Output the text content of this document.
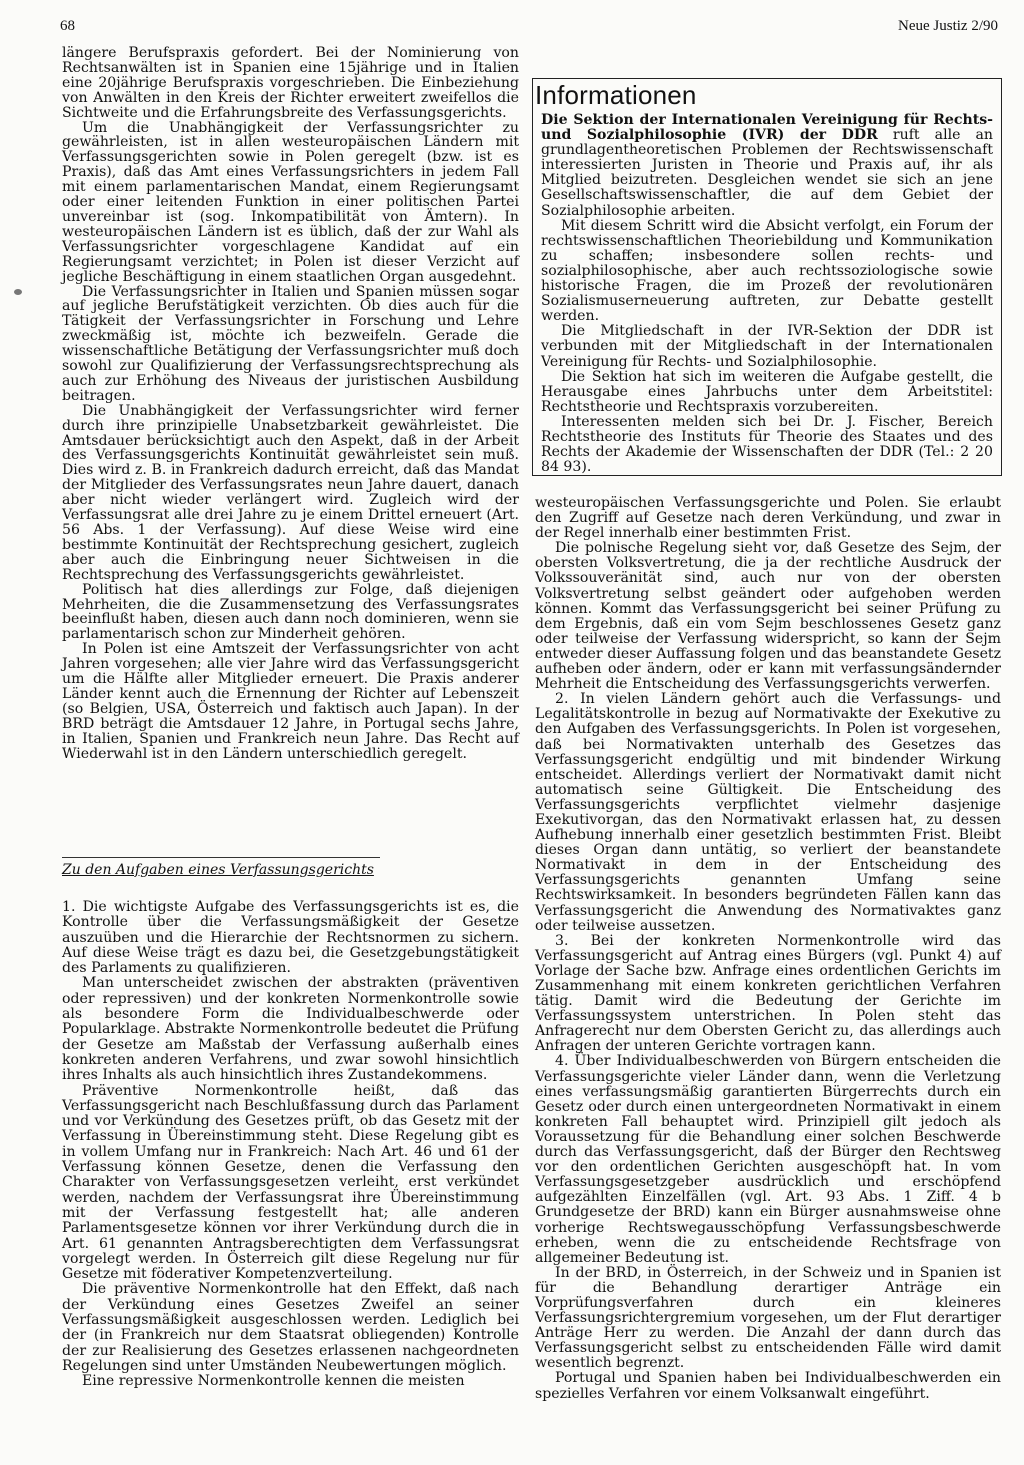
68	Neue Justiz 2/90

längere Berufspraxis gefordert. Bei der Nominierung von Rechtsanwälten ist in Spanien eine 15jährige und in Italien eine 20jährige Berufspraxis vorgeschrieben. Die Einbeziehung von Anwälten in den Kreis der Richter erweitert zweifellos die Sichtweite und die Erfahrungsbreite des Verfassungsgerichts.

Um die Unabhängigkeit der Verfassungsrichter zu gewährleisten, ist in allen westeuropäischen Ländern mit Verfassungsgerichten sowie in Polen geregelt (bzw. ist es Praxis), daß das Amt eines Verfassungsrichters in jedem Fall mit einem parlamentarischen Mandat, einem Regierungsamt oder einer leitenden Funktion in einer politischen Partei unvereinbar ist (sog. Inkompatibilität von Ämtern). In westeuropäischen Ländern ist es üblich, daß der zur Wahl als Verfassungsrichter vorgeschlagene Kandidat auf ein Regierungsamt verzichtet; in Polen ist dieser Verzicht auf jegliche Beschäftigung in einem staatlichen Organ ausgedehnt.

Die Verfassungsrichter in Italien und Spanien müssen sogar auf jegliche Berufstätigkeit verzichten. Ob dies auch für die Tätigkeit der Verfassungsrichter in Forschung und Lehre zweckmäßig ist, möchte ich bezweifeln. Gerade die wissenschaftliche Betätigung der Verfassungsrichter muß doch sowohl zur Qualifizierung der Verfassungsrechtsprechung als auch zur Erhöhung des Niveaus der juristischen Ausbildung beitragen.

Die Unabhängigkeit der Verfassungsrichter wird ferner durch ihre prinzipielle Unabsetzbarkeit gewährleistet. Die Amtsdauer berücksichtigt auch den Aspekt, daß in der Arbeit des Verfassungsgerichts Kontinuität gewährleistet sein muß. Dies wird z. B. in Frankreich dadurch erreicht, daß das Mandat der Mitglieder des Verfassungsrates neun Jahre dauert, danach aber nicht wieder verlängert wird. Zugleich wird der Verfassungsrat alle drei Jahre zu je einem Drittel erneuert (Art. 56 Abs. 1 der Verfassung). Auf diese Weise wird eine bestimmte Kontinuität der Rechtsprechung gesichert, zugleich aber auch die Einbringung neuer Sichtweisen in die Rechtsprechung des Verfassungsgerichts gewährleistet.

Politisch hat dies allerdings zur Folge, daß diejenigen Mehrheiten, die die Zusammensetzung des Verfassungsrates beeinflußt haben, diesen auch dann noch dominieren, wenn sie parlamentarisch schon zur Minderheit gehören.

In Polen ist eine Amtszeit der Verfassungsrichter von acht Jahren vorgesehen; alle vier Jahre wird das Verfassungsgericht um die Hälfte aller Mitglieder erneuert. Die Praxis anderer Länder kennt auch die Ernennung der Richter auf Lebenszeit (so Belgien, USA, Österreich und faktisch auch Japan). In der BRD beträgt die Amtsdauer 12 Jahre, in Portugal sechs Jahre, in Italien, Spanien und Frankreich neun Jahre. Das Recht auf Wiederwahl ist in den Ländern unterschiedlich geregelt.

Zu den Aufgaben eines Verfassungsgerichts

1. Die wichtigste Aufgabe des Verfassungsgerichts ist es, die Kontrolle über die Verfassungsmäßigkeit der Gesetze auszuüben und die Hierarchie der Rechtsnormen zu sichern. Auf diese Weise trägt es dazu bei, die Gesetzgebungstätigkeit des Parlaments zu qualifizieren.

Man unterscheidet zwischen der abstrakten (präventiven oder repressiven) und der konkreten Normenkontrolle sowie als besondere Form die Individualbeschwerde oder Popularklage. Abstrakte Normenkontrolle bedeutet die Prüfung der Gesetze am Maßstab der Verfassung außerhalb eines konkreten anderen Verfahrens, und zwar sowohl hinsichtlich ihres Inhalts als auch hinsichtlich ihres Zustandekommens.

Präventive Normenkontrolle heißt, daß das Verfassungsgericht nach Beschlußfassung durch das Parlament und vor Verkündung des Gesetzes prüft, ob das Gesetz mit der Verfassung in Übereinstimmung steht. Diese Regelung gibt es in vollem Umfang nur in Frankreich: Nach Art. 46 und 61 der Verfassung können Gesetze, denen die Verfassung den Charakter von Verfassungsgesetzen verleiht, erst verkündet werden, nachdem der Verfassungsrat ihre Übereinstimmung mit der Verfassung festgestellt hat; alle anderen Parlamentsgesetze können vor ihrer Verkündung durch die in Art. 61 genannten Antragsberechtigten dem Verfassungsrat vorgelegt werden. In Österreich gilt diese Regelung nur für Gesetze mit föderativer Kompetenzverteilung.

Die präventive Normenkontrolle hat den Effekt, daß nach der Verkündung eines Gesetzes Zweifel an seiner Verfassungsmäßigkeit ausgeschlossen werden. Lediglich bei der (in Frankreich nur dem Staatsrat obliegenden) Kontrolle der zur Realisierung des Gesetzes erlassenen nachgeordneten Regelungen sind unter Umständen Neubewertungen möglich.

Eine repressive Normenkontrolle kennen die meisten

Die Sektion der Internationalen Vereinigung für Rechts- und Sozialphilosophie (IVR) der DDR ruft alle an grundlagentheoretischen Problemen der Rechtswissenschaft interessierten Juristen in Theorie und Praxis auf, ihr als Mitglied beizutreten. Desgleichen wendet sie sich an jene Gesellschaftswissenschaftler, die auf dem Gebiet der Sozialphilosophie arbeiten.

Mit diesem Schritt wird die Absicht verfolgt, ein Forum der rechtswissenschaftlichen Theoriebildung und Kommunikation zu schaffen; insbesondere sollen rechts- und sozialphilosophische, aber auch rechtssoziologische sowie historische Fragen, die im Prozeß der revolutionären Sozialismuserneuerung auftreten, zur Debatte gestellt werden.

Die Mitgliedschaft in der IVR-Sektion der DDR ist verbunden mit der Mitgliedschaft in der Internationalen Vereinigung für Rechts- und Sozialphilosophie.

Die Sektion hat sich im weiteren die Aufgabe gestellt, die Herausgabe eines Jahrbuchs unter dem Arbeitstitel: Rechtstheorie und Rechtspraxis vorzubereiten.

Interessenten melden sich bei Dr. J. Fischer, Bereich Rechtstheorie des Instituts für Theorie des Staates und des Rechts der Akademie der Wissenschaften der DDR (Tel.: 2 20 84 93).

Informationen

westeuropäischen Verfassungsgerichte und Polen. Sie erlaubt den Zugriff auf Gesetze nach deren Verkündung, und zwar in der Regel innerhalb einer bestimmten Frist.

Die polnische Regelung sieht vor, daß Gesetze des Sejm, der obersten Volksvertretung, die ja der rechtliche Ausdruck der Volkssouveränität sind, auch nur von der obersten Volksvertretung selbst geändert oder aufgehoben werden können. Kommt das Verfassungsgericht bei seiner Prüfung zu dem Ergebnis, daß ein vom Sejm beschlossenes Gesetz ganz oder teilweise der Verfassung widerspricht, so kann der Sejm entweder dieser Auffassung folgen und das beanstandete Gesetz aufheben oder ändern, oder er kann mit verfassungsändernder Mehrheit die Entscheidung des Verfassungsgerichts verwerfen.

2. In vielen Ländern gehört auch die Verfassungs- und Legalitätskontrolle in bezug auf Normativakte der Exekutive zu den Aufgaben des Verfassungsgerichts. In Polen ist vorgesehen, daß bei Normativakten unterhalb des Gesetzes das Verfassungsgericht endgültig und mit bindender Wirkung entscheidet. Allerdings verliert der Normativakt damit nicht automatisch seine Gültigkeit. Die Entscheidung des Verfassungsgerichts verpflichtet vielmehr dasjenige Exekutivorgan, das den Normativakt erlassen hat, zu dessen Aufhebung innerhalb einer gesetzlich bestimmten Frist. Bleibt dieses Organ dann untätig, so verliert der beanstandete Normativakt in dem in der Entscheidung des Verfassungsgerichts genannten Umfang seine Rechtswirksamkeit. In besonders begründeten Fällen kann das Verfassungsgericht die Anwendung des Normativaktes ganz oder teilweise aussetzen.

3. Bei der konkreten Normenkontrolle wird das Verfassungsgericht auf Antrag eines Bürgers (vgl. Punkt 4) auf Vorlage der Sache bzw. Anfrage eines ordentlichen Gerichts im Zusammenhang mit einem konkreten gerichtlichen Verfahren tätig. Damit wird die Bedeutung der Gerichte im Verfassungssystem unterstrichen. In Polen steht das Anfragerecht nur dem Obersten Gericht zu, das allerdings auch Anfragen der unteren Gerichte vortragen kann.

4. Über Individualbeschwerden von Bürgern entscheiden die Verfassungsgerichte vieler Länder dann, wenn die Verletzung eines verfassungsmäßig garantierten Bürgerrechts durch ein Gesetz oder durch einen untergeordneten Normativakt in einem konkreten Fall behauptet wird. Prinzipiell gilt jedoch als Voraussetzung für die Behandlung einer solchen Beschwerde durch das Verfassungsgericht, daß der Bürger den Rechtsweg vor den ordentlichen Gerichten ausgeschöpft hat. In vom Verfassungsgesetzgeber ausdrücklich und erschöpfend aufgezählten Einzelfällen (vgl. Art. 93 Abs. 1 Ziff. 4 b Grundgesetze der BRD) kann ein Bürger ausnahmsweise ohne vorherige Rechtswegausschöpfung Verfassungsbeschwerde erheben, wenn die zu entscheidende Rechtsfrage von allgemeiner Bedeutung ist.

In der BRD, in Österreich, in der Schweiz und in Spanien ist für die Behandlung derartiger Anträge ein Vorprüfungsverfahren durch ein kleineres Verfassungsrichtergremium vorgesehen, um der Flut derartiger Anträge Herr zu werden. Die Anzahl der dann durch das Verfassungsgericht selbst zu entscheidenden Fälle wird damit wesentlich begrenzt.

Portugal und Spanien haben bei Individualbeschwerden ein spezielles Verfahren vor einem Volksanwalt eingeführt.
